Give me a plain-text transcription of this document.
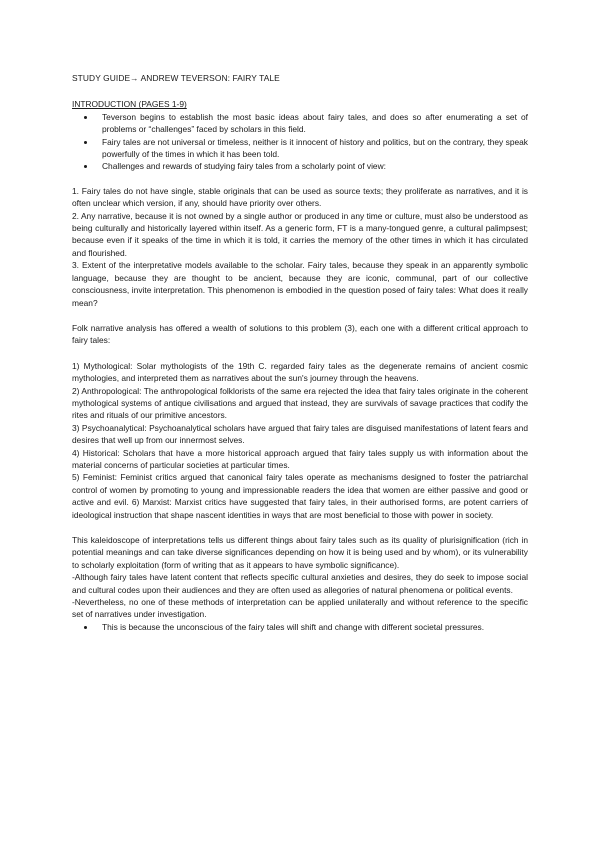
STUDY GUIDE→ ANDREW TEVERSON: FAIRY TALE
INTRODUCTION (PAGES 1-9)
• Teverson begins to establish the most basic ideas about fairy tales, and does so after enumerating a set of problems or “challenges” faced by scholars in this field.
• Fairy tales are not universal or timeless, neither is it innocent of history and politics, but on the contrary, they speak powerfully of the times in which it has been told.
• Challenges and rewards of studying fairy tales from a scholarly point of view:

1. Fairy tales do not have single, stable originals that can be used as source texts; they proliferate as narratives, and it is often unclear which version, if any, should have priority over others.

2. Any narrative, because it is not owned by a single author or produced in any time or culture, must also be understood as being culturally and historically layered within itself. As a generic form, FT is a many-tongued genre, a cultural palimpsest; because even if it speaks of the time in which it is told, it carries the memory of the other times in which it has circulated and flourished.

3. Extent of the interpretative models available to the scholar. Fairy tales, because they speak in an apparently symbolic language, because they are thought to be ancient, because they are iconic, communal, part of our collective consciousness, invite interpretation. This phenomenon is embodied in the question posed of fairy tales: What does it really mean?

Folk narrative analysis has offered a wealth of solutions to this problem (3), each one with a different critical approach to fairy tales:

1) Mythological: Solar mythologists of the 19th C. regarded fairy tales as the degenerate remains of ancient cosmic mythologies, and interpreted them as narratives about the sun's journey through the heavens.

2) Anthropological: The anthropological folklorists of the same era rejected the idea that fairy tales originate in the coherent mythological systems of antique civilisations and argued that instead, they are survivals of savage practices that codify the rites and rituals of our primitive ancestors.

3) Psychoanalytical: Psychoanalytical scholars have argued that fairy tales are disguised manifestations of latent fears and desires that well up from our innermost selves.

4) Historical: Scholars that have a more historical approach argued that fairy tales supply us with information about the material concerns of particular societies at particular times.

5) Feminist: Feminist critics argued that canonical fairy tales operate as mechanisms designed to foster the patriarchal control of women by promoting to young and impressionable readers the idea that women are either passive and good or active and evil. 6) Marxist: Marxist critics have suggested that fairy tales, in their authorised forms, are potent carriers of ideological instruction that shape nascent identities in ways that are most beneficial to those with power in society.

This kaleidoscope of interpretations tells us different things about fairy tales such as its quality of plurisignification (rich in potential meanings and can take diverse significances depending on how it is being used and by whom), or its vulnerability to scholarly exploitation (form of writing that as it appears to have symbolic significance).

-Although fairy tales have latent content that reflects specific cultural anxieties and desires, they do seek to impose social and cultural codes upon their audiences and they are often used as allegories of natural phenomena or political events.

-Nevertheless, no one of these methods of interpretation can be applied unilaterally and without reference to the specific set of narratives under investigation.

• This is because the unconscious of the fairy tales will shift and change with different societal pressures.
